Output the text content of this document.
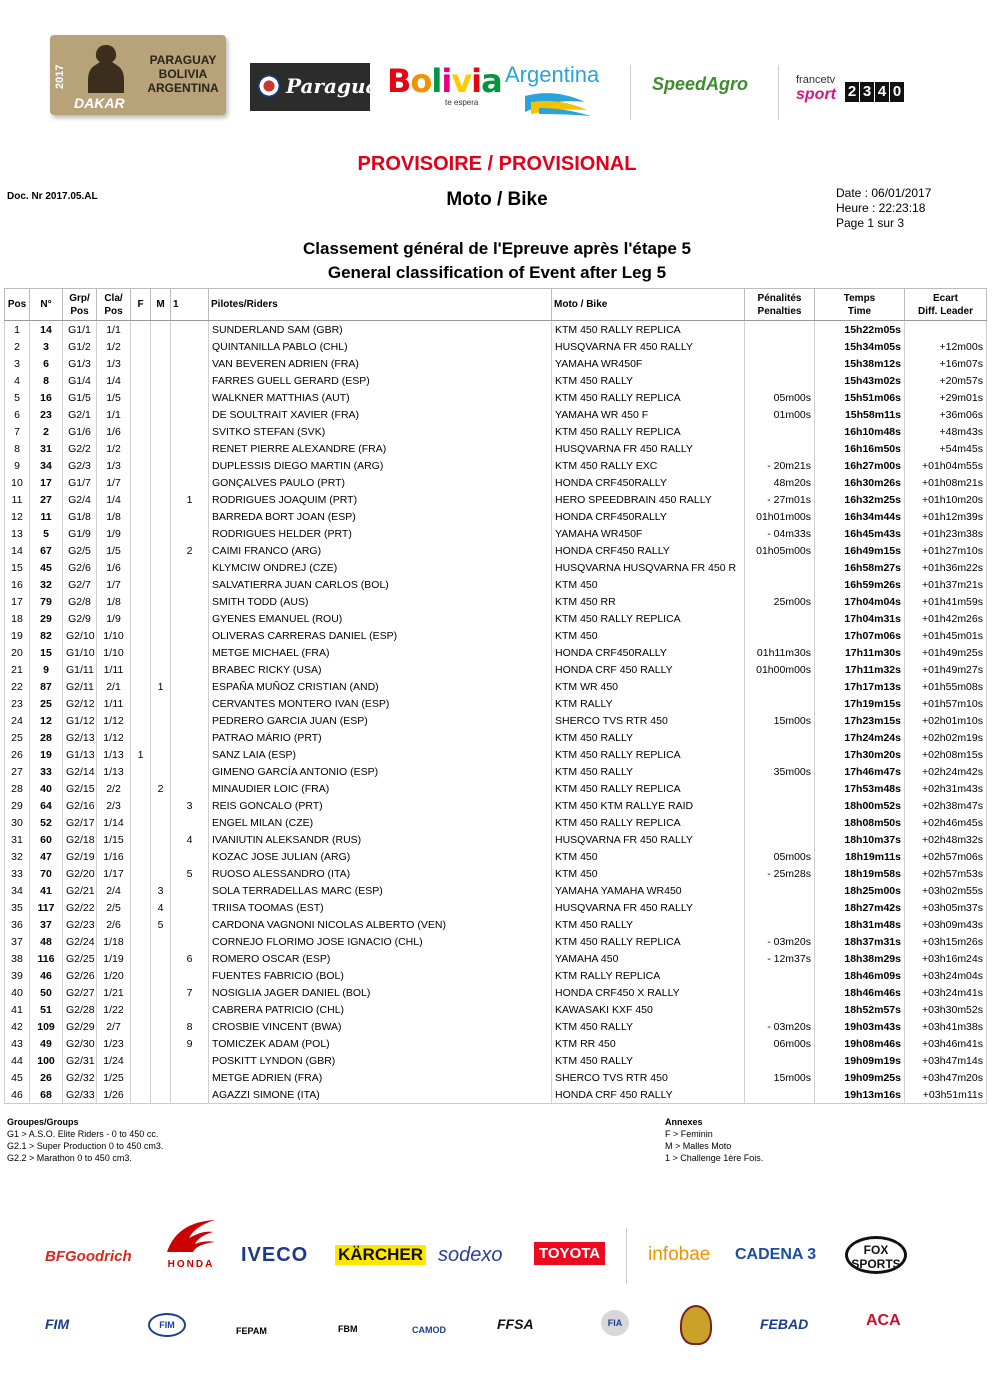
2017
DAKAR
PARAGUAY
BOLIVIA
ARGENTINA	Paraguay
Bolivia
te espera
Argentina	SpeedAgro	francetv
sport 2 3 4 0
PROVISOIRE / PROVISIONAL
Doc. Nr 2017.05.AL	Moto / Bike	Date : 06/01/2017
Heure : 22:23:18
Page 1 sur 3
Classement général de l'Epreuve après l'étape 5
General classification of Event after Leg 5
Pos	N°	Grp/
Pos	Cla/
Pos	F	M	1	Pilotes/Riders	Moto / Bike	Pénalités
Penalties	Temps
Time	Ecart
Diff. Leader
1	14	G1/1	1/1				SUNDERLAND SAM (GBR)	KTM 450 RALLY REPLICA		15h22m05s	
2	3	G1/2	1/2				QUINTANILLA PABLO (CHL)	HUSQVARNA FR 450 RALLY		15h34m05s	+12m00s
3	6	G1/3	1/3				VAN BEVEREN ADRIEN (FRA)	YAMAHA WR450F		15h38m12s	+16m07s
4	8	G1/4	1/4				FARRES GUELL GERARD (ESP)	KTM 450 RALLY		15h43m02s	+20m57s
5	16	G1/5	1/5				WALKNER MATTHIAS (AUT)	KTM 450 RALLY REPLICA	05m00s	15h51m06s	+29m01s
6	23	G2/1	1/1				DE SOULTRAIT XAVIER (FRA)	YAMAHA WR 450 F	01m00s	15h58m11s	+36m06s
7	2	G1/6	1/6				SVITKO STEFAN (SVK)	KTM 450 RALLY REPLICA		16h10m48s	+48m43s
8	31	G2/2	1/2				RENET PIERRE ALEXANDRE (FRA)	HUSQVARNA FR 450 RALLY		16h16m50s	+54m45s
9	34	G2/3	1/3				DUPLESSIS DIEGO MARTIN (ARG)	KTM 450 RALLY EXC	- 20m21s	16h27m00s	+01h04m55s
10	17	G1/7	1/7				GONÇALVES PAULO (PRT)	HONDA CRF450RALLY	48m20s	16h30m26s	+01h08m21s
11	27	G2/4	1/4			1	RODRIGUES JOAQUIM (PRT)	HERO SPEEDBRAIN 450 RALLY	- 27m01s	16h32m25s	+01h10m20s
12	11	G1/8	1/8				BARREDA BORT JOAN (ESP)	HONDA CRF450RALLY	01h01m00s	16h34m44s	+01h12m39s
13	5	G1/9	1/9				RODRIGUES HELDER (PRT)	YAMAHA WR450F	- 04m33s	16h45m43s	+01h23m38s
14	67	G2/5	1/5			2	CAIMI FRANCO (ARG)	HONDA CRF450 RALLY	01h05m00s	16h49m15s	+01h27m10s
15	45	G2/6	1/6				KLYMCIW ONDREJ (CZE)	HUSQVARNA HUSQVARNA FR 450 R		16h58m27s	+01h36m22s
16	32	G2/7	1/7				SALVATIERRA JUAN CARLOS (BOL)	KTM 450		16h59m26s	+01h37m21s
17	79	G2/8	1/8				SMITH TODD (AUS)	KTM 450 RR	25m00s	17h04m04s	+01h41m59s
18	29	G2/9	1/9				GYENES EMANUEL (ROU)	KTM 450 RALLY REPLICA		17h04m31s	+01h42m26s
19	82	G2/10	1/10				OLIVERAS CARRERAS DANIEL (ESP)	KTM 450		17h07m06s	+01h45m01s
20	15	G1/10	1/10				METGE MICHAEL (FRA)	HONDA CRF450RALLY	01h11m30s	17h11m30s	+01h49m25s
21	9	G1/11	1/11				BRABEC RICKY (USA)	HONDA CRF 450 RALLY	01h00m00s	17h11m32s	+01h49m27s
22	87	G2/11	2/1		1		ESPAÑA MUÑOZ CRISTIAN (AND)	KTM WR 450		17h17m13s	+01h55m08s
23	25	G2/12	1/11				CERVANTES MONTERO IVAN (ESP)	KTM RALLY		17h19m15s	+01h57m10s
24	12	G1/12	1/12				PEDRERO GARCIA JUAN (ESP)	SHERCO TVS RTR 450	15m00s	17h23m15s	+02h01m10s
25	28	G2/13	1/12				PATRAO MÁRIO (PRT)	KTM 450 RALLY		17h24m24s	+02h02m19s
26	19	G1/13	1/13	1			SANZ LAIA (ESP)	KTM 450 RALLY REPLICA		17h30m20s	+02h08m15s
27	33	G2/14	1/13				GIMENO GARCÍA ANTONIO (ESP)	KTM 450 RALLY	35m00s	17h46m47s	+02h24m42s
28	40	G2/15	2/2		2		MINAUDIER LOIC (FRA)	KTM 450 RALLY REPLICA		17h53m48s	+02h31m43s
29	64	G2/16	2/3			3	REIS GONCALO (PRT)	KTM 450 KTM RALLYE RAID		18h00m52s	+02h38m47s
30	52	G2/17	1/14				ENGEL MILAN (CZE)	KTM 450 RALLY REPLICA		18h08m50s	+02h46m45s
31	60	G2/18	1/15			4	IVANIUTIN ALEKSANDR (RUS)	HUSQVARNA FR 450 RALLY		18h10m37s	+02h48m32s
32	47	G2/19	1/16				KOZAC JOSE JULIAN (ARG)	KTM 450	05m00s	18h19m11s	+02h57m06s
33	70	G2/20	1/17			5	RUOSO ALESSANDRO (ITA)	KTM 450	- 25m28s	18h19m58s	+02h57m53s
34	41	G2/21	2/4		3		SOLA TERRADELLAS MARC (ESP)	YAMAHA YAMAHA WR450		18h25m00s	+03h02m55s
35	117	G2/22	2/5		4		TRIISA TOOMAS (EST)	HUSQVARNA FR 450 RALLY		18h27m42s	+03h05m37s
36	37	G2/23	2/6		5		CARDONA VAGNONI NICOLAS ALBERTO (VEN)	KTM 450 RALLY		18h31m48s	+03h09m43s
37	48	G2/24	1/18				CORNEJO FLORIMO JOSE IGNACIO (CHL)	KTM 450 RALLY REPLICA	- 03m20s	18h37m31s	+03h15m26s
38	116	G2/25	1/19			6	ROMERO OSCAR (ESP)	YAMAHA 450	- 12m37s	18h38m29s	+03h16m24s
39	46	G2/26	1/20				FUENTES FABRICIO (BOL)	KTM RALLY REPLICA		18h46m09s	+03h24m04s
40	50	G2/27	1/21			7	NOSIGLIA JAGER DANIEL (BOL)	HONDA CRF450 X RALLY		18h46m46s	+03h24m41s
41	51	G2/28	1/22				CABRERA PATRICIO (CHL)	KAWASAKI KXF 450		18h52m57s	+03h30m52s
42	109	G2/29	2/7			8	CROSBIE VINCENT (BWA)	KTM 450 RALLY	- 03m20s	19h03m43s	+03h41m38s
43	49	G2/30	1/23			9	TOMICZEK ADAM (POL)	KTM RR 450	06m00s	19h08m46s	+03h46m41s
44	100	G2/31	1/24				POSKITT LYNDON (GBR)	KTM 450 RALLY		19h09m19s	+03h47m14s
45	26	G2/32	1/25				METGE ADRIEN (FRA)	SHERCO TVS RTR 450	15m00s	19h09m25s	+03h47m20s
46	68	G2/33	1/26				AGAZZI SIMONE (ITA)	HONDA CRF 450 RALLY		19h13m16s	+03h51m11s
Groupes/Groups
G1 > A.S.O. Elite Riders - 0 to 450 cc.
G2.1 > Super Production 0 to 450 cm3.
G2.2 > Marathon 0 to 450 cm3.
Annexes
F > Feminin
M > Malles Moto
1 > Challenge 1ère Fois.
BFGoodrich	HONDA IVECO KÄRCHER sodexo	TOYOTA	infobae CADENA 3	FOX SPORTS
FIM	FIM
FEPAM	FBM	CAMOD	FFSA	FIA	FEBAD	ACA
